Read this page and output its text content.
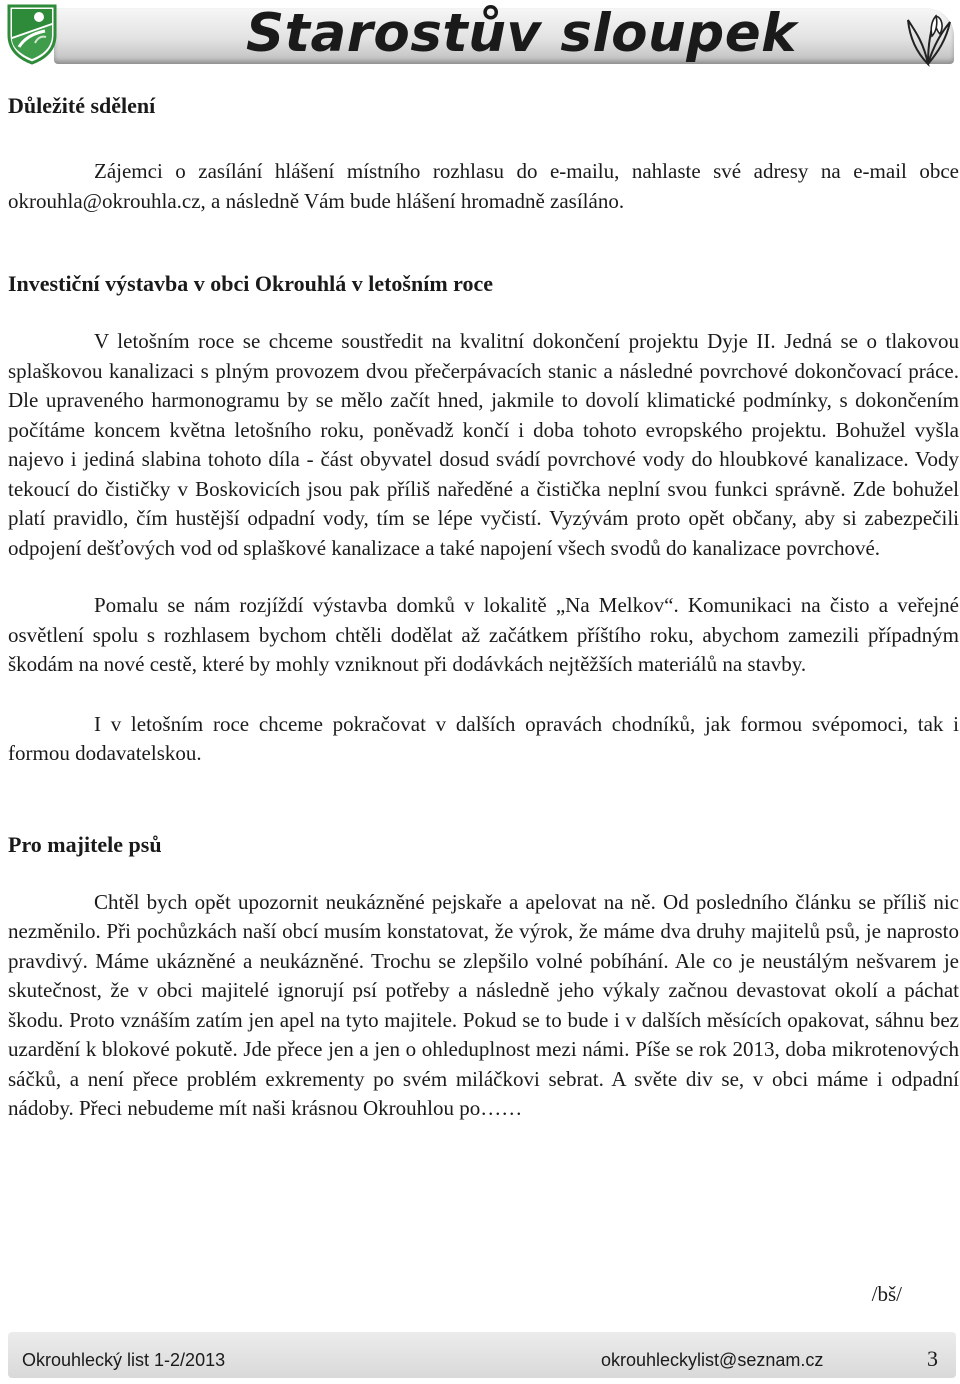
Starostův sloupek
Důležité sdělení

Zájemci o zasílání hlášení místního rozhlasu do e-mailu, nahlaste své adresy na e-mail obce okrouhla@okrouhla.cz, a následně Vám bude hlášení hromadně zasíláno.

Investiční výstavba v obci Okrouhlá v letošním roce

V letošním roce se chceme soustředit na kvalitní dokončení projektu Dyje II. Jedná se o tlakovou splaškovou kanalizaci s plným provozem dvou přečerpávacích stanic a následné povrchové dokončovací práce. Dle upraveného harmonogramu by se mělo začít hned, jakmile to dovolí klimatické podmínky, s dokončením počítáme koncem května letošního roku, poněvadž končí i doba tohoto evropského projektu. Bohužel vyšla najevo i jediná slabina tohoto díla - část obyvatel dosud svádí povrchové vody do hloubkové kanalizace. Vody tekoucí do čističky v Boskovicích jsou pak příliš naředěné a čistička neplní svou funkci správně. Zde bohužel platí pravidlo, čím hustější odpadní vody, tím se lépe vyčistí. Vyzývám proto opět občany, aby si zabezpečili odpojení dešťových vod od splaškové kanalizace a také napojení všech svodů do kanalizace povrchové.

Pomalu se nám rozjíždí výstavba domků v lokalitě „Na Melkov“. Komunikaci na čisto a veřejné osvětlení spolu s rozhlasem bychom chtěli dodělat až začátkem příštího roku, abychom zamezili případným škodám na nové cestě, které by mohly vzniknout při dodávkách nejtěžších materiálů na stavby.

I v letošním roce chceme pokračovat v dalších opravách chodníků, jak formou svépomoci, tak i formou dodavatelskou.

Pro majitele psů

Chtěl bych opět upozornit neukázněné pejskaře a apelovat na ně. Od posledního článku se příliš nic nezměnilo. Při pochůzkách naší obcí musím konstatovat, že výrok, že máme dva druhy majitelů psů, je naprosto pravdivý. Máme ukázněné a neukázněné. Trochu se zlepšilo volné pobíhání. Ale co je neustálým nešvarem je skutečnost, že v obci majitelé ignorují psí potřeby a následně jeho výkaly začnou devastovat okolí a páchat škodu. Proto vznáším zatím jen apel na tyto majitele. Pokud se to bude i v dalších měsících opakovat, sáhnu bez uzardění k blokové pokutě. Jde přece jen a jen o ohleduplnost mezi námi. Píše se rok 2013, doba mikrotenových sáčků, a není přece problém exkrementy po svém miláčkovi sebrat. A světe div se, v obci máme i odpadní nádoby. Přeci nebudeme mít naši krásnou Okrouhlou po……

/bš/
Okrouhlecký list 1-2/2013	okrouhleckylist@seznam.cz	3
